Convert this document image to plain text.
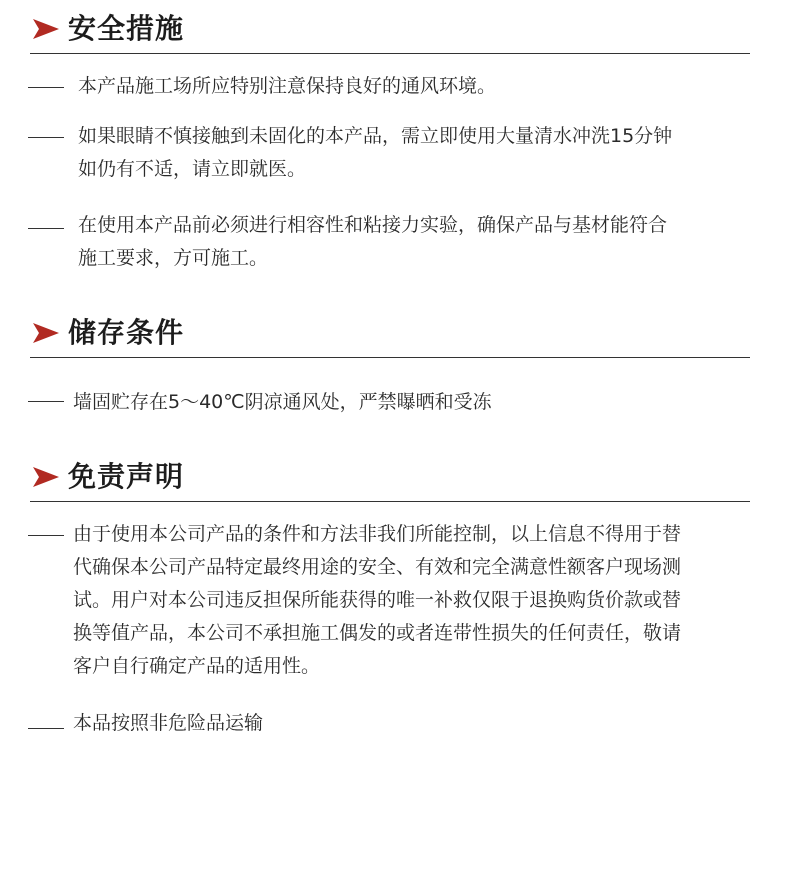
安全措施
本产品施工场所应特别注意保持良好的通风环境。
如果眼睛不慎接触到未固化的本产品，需立即使用大量清水冲洗15分钟
如仍有不适，请立即就医。
在使用本产品前必须进行相容性和粘接力实验，确保产品与基材能符合
施工要求，方可施工。
储存条件
墙固贮存在5～40℃阴凉通风处，严禁曝晒和受冻
免责声明
由于使用本公司产品的条件和方法非我们所能控制，以上信息不得用于替
代确保本公司产品特定最终用途的安全、有效和完全满意性额客户现场测
试。用户对本公司违反担保所能获得的唯一补救仅限于退换购货价款或替
换等值产品，本公司不承担施工偶发的或者连带性损失的任何责任，敬请
客户自行确定产品的适用性。
本品按照非危险品运输
